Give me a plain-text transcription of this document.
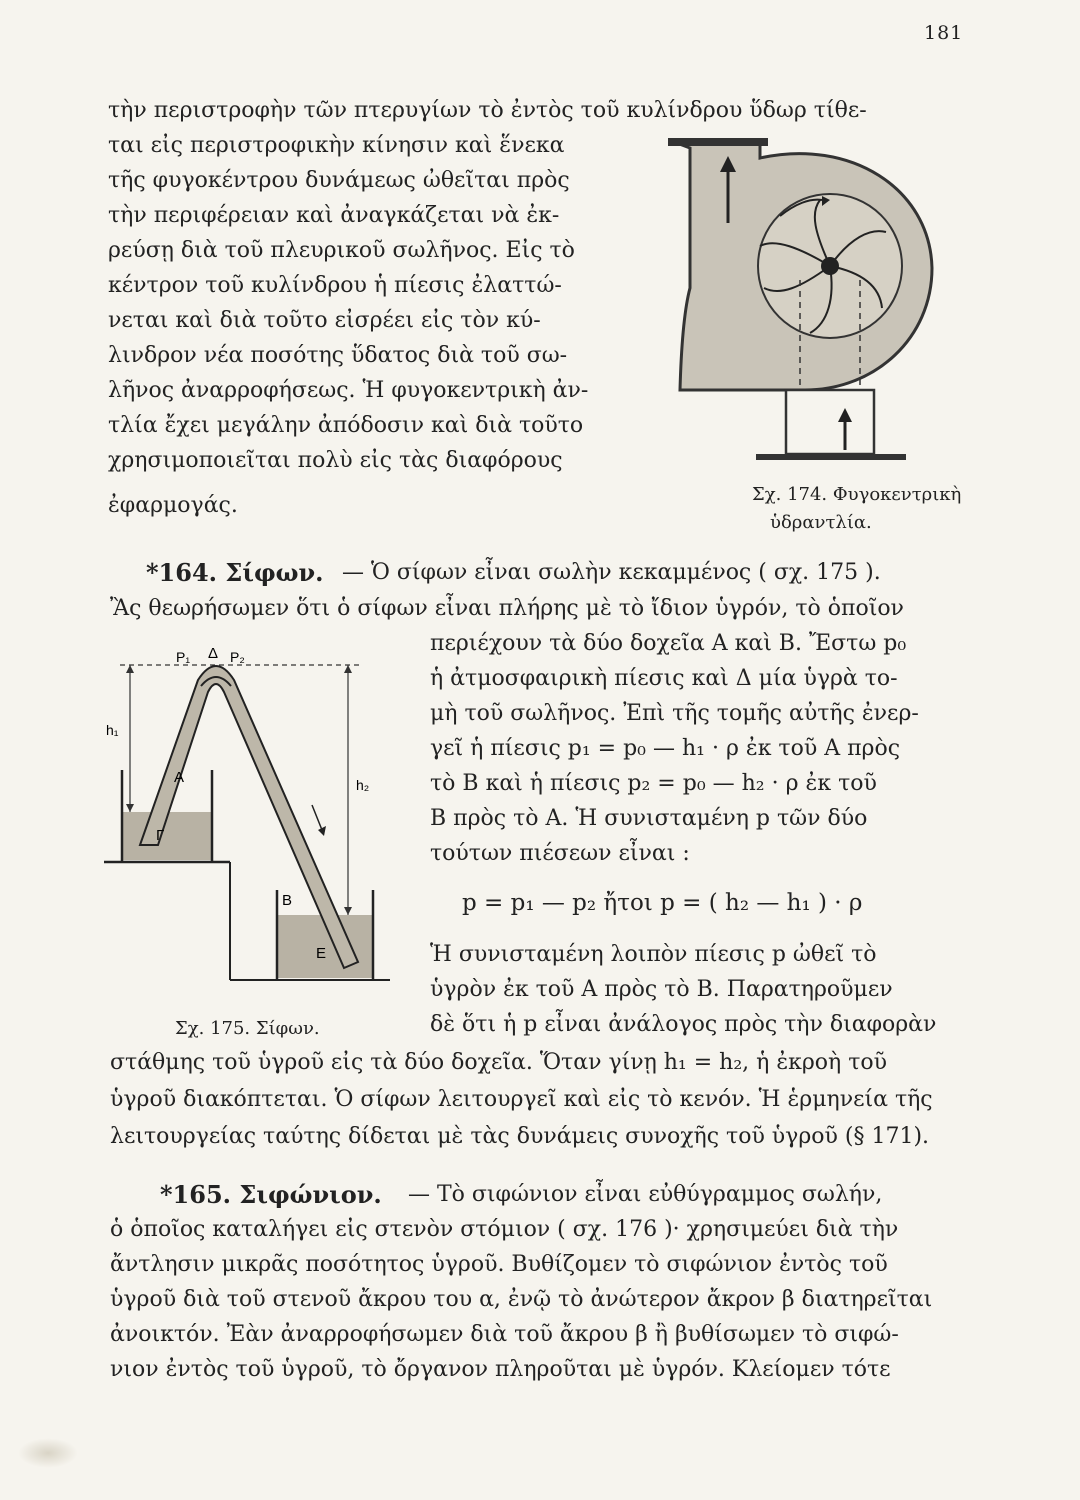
181
τὴν περιστροφὴν τῶν πτερυγίων τὸ ἐντὸς τοῦ κυλίνδρου ὕδωρ τίθε-
ται εἰς περιστροφικὴν κίνησιν καὶ ἕνεκα
τῆς φυγοκέντρου δυνάμεως ὠθεῖται πρὸς
τὴν περιφέρειαν καὶ ἀναγκάζεται νὰ ἐκ-
ρεύσῃ διὰ τοῦ πλευρικοῦ σωλῆνος. Εἰς τὸ
κέντρον τοῦ κυλίνδρου ἡ πίεσις ἐλαττώ-
νεται καὶ διὰ τοῦτο εἰσρέει εἰς τὸν κύ-
λινδρον νέα ποσότης ὕδατος διὰ τοῦ σω-
λῆνος ἀναρροφήσεως. Ἡ φυγοκεντρικὴ ἀν-
τλία ἔχει μεγάλην ἀπόδοσιν καὶ διὰ τοῦτο
χρησιμοποιεῖται πολὺ εἰς τὰς διαφόρους
ἐφαρμογάς.	Σχ. 174. Φυγοκεντρικὴ
ὑδραντλία.
*164. Σίφων. — Ὁ σίφων εἶναι σωλὴν κεκαμμένος ( σχ. 175 ).
Ἂς θεωρήσωμεν ὅτι ὁ σίφων εἶναι πλήρης μὲ τὸ ἴδιον ὑγρόν, τὸ ὁποῖον
περιέχουν τὰ δύο δοχεῖα Α καὶ Β. Ἔστω p₀
ἡ ἀτμοσφαιρικὴ πίεσις καὶ Δ μία ὑγρὰ το-
μὴ τοῦ σωλῆνος. Ἐπὶ τῆς τομῆς αὐτῆς ἐνερ-
γεῖ ἡ πίεσις p₁ = p₀ — h₁ · ρ ἐκ τοῦ Α πρὸς
τὸ Β καὶ ἡ πίεσις p₂ = p₀ — h₂ · ρ ἐκ τοῦ
Β πρὸς τὸ Α. Ἡ συνισταμένη p τῶν δύο
τούτων πιέσεων εἶναι :
p = p₁ — p₂ ἤτοι p = ( h₂ — h₁ ) · ρ
Ἡ συνισταμένη λοιπὸν πίεσις p ὠθεῖ τὸ
ὑγρὸν ἐκ τοῦ Α πρὸς τὸ Β. Παρατηροῦμεν
δὲ ὅτι ἡ p εἶναι ἀνάλογος πρὸς τὴν διαφορὰν
στάθμης τοῦ ὑγροῦ εἰς τὰ δύο δοχεῖα. Ὅταν γίνῃ h₁ = h₂, ἡ ἐκροὴ τοῦ
ὑγροῦ διακόπτεται. Ὁ σίφων λειτουργεῖ καὶ εἰς τὸ κενόν. Ἡ ἑρμηνεία τῆς
λειτουργείας ταύτης δίδεται μὲ τὰς δυνάμεις συνοχῆς τοῦ ὑγροῦ (§ 171).
P₁ Δ P₂
h₁
h₂
A
Γ
B
E
Σχ. 175. Σίφων.
*165. Σιφώνιον. — Τὸ σιφώνιον εἶναι εὐθύγραμμος σωλήν,
ὁ ὁποῖος καταλήγει εἰς στενὸν στόμιον ( σχ. 176 )· χρησιμεύει διὰ τὴν
ἄντλησιν μικρᾶς ποσότητος ὑγροῦ. Βυθίζομεν τὸ σιφώνιον ἐντὸς τοῦ
ὑγροῦ διὰ τοῦ στενοῦ ἄκρου του α, ἐνῷ τὸ ἀνώτερον ἄκρον β διατηρεῖται
ἀνοικτόν. Ἐὰν ἀναρροφήσωμεν διὰ τοῦ ἄκρου β ἢ βυθίσωμεν τὸ σιφώ-
νιον ἐντὸς τοῦ ὑγροῦ, τὸ ὄργανον πληροῦται μὲ ὑγρόν. Κλείομεν τότε
